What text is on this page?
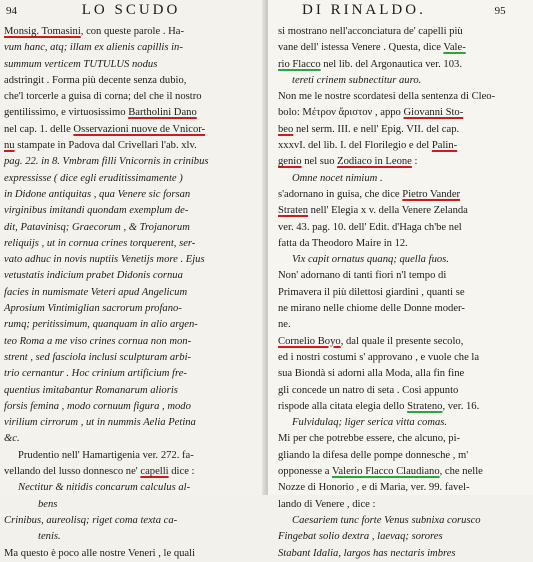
94	LO SCUDO
Monsig. Tomasini, con queste parole . Ha-
vum hanc, atq; illam ex alienis capillis in-
summum verticem TUTULUS nodus
adstringit . Forma più decente senza dubio,
che'l torcerle a guisa di corna; del che il nostro
gentilissimo, e virtuosissimo Bartholini Dano
nel cap. 1. delle Osservazioni nuove de Vnicor-
nu stampate in Padova dal Crivellari l'ab. xlv.
pag. 22. in 8. Vmbram filli Vnicornis in crinibus
expressisse ( dice egli eruditissimamente )
in Didone antiquitas , qua Venere sic forsan
virginibus imitandi quondam exemplum de-
dit, Patavinisq; Graecorum , & Trojanorum
reliquijs , ut in cornua crines torquerent, ser-
vato adhuc in novis nuptiis Venetijs more . Ejus
vetustatis indicium prabet Didonis cornua
facies in numismate Veteri apud Angelicum
Aprosium Vintimiglian sacrorum profano-
rumq; peritissimum, quanquam in alio argen-
teo Roma a me viso crines cornua non mon-
strent , sed fasciola inclusi sculpturam arbi-
trio cernantur . Hoc crinium artificium fre-
quentius imitabantur Romanarum alioris
forsis femina , modo cornuum figura , modo
virilium cirrorum , ut in nummis Aelia Petina
&c.
Prudentio nell' Hamartigenia ver. 272. fa-
vellando del lusso donnesco ne' capelli dice :
Nectitur & nitidis concarum calculus al-
bens
Crinibus, aureolisq; riget coma texta ca-
tenis.
Ma questo è poco alle nostre Veneri , le quali
DI RINALDO.	95
si mostrano nell'acconciatura de' capelli più
vane dell' istessa Venere . Questa, dice Vale-
rio Flacco nel lib. del Argonautica ver. 103.
tereti crinem subnectitur auro.
Non me le nostre scordatesi della sentenza di Cleo-
bolo: Μέτρον ἄριστον , appo Giovanni Sto-
beo nel serm. III. e nell' Epig. VII. del cap.
xxxvI. del lib. I. del Florilegio e del Palin-
genio nel suo Zodiaco in Leone :
Omne nocet nimium .
s'adornano in guisa, che dice Pietro Vander
Straten nell' Elegia x v. della Venere Zelanda
ver. 43. pag. 10. dell' Edit. d'Haga ch'be nel
fatta da Theodoro Maire in 12.
Vix capit ornatus quanq; quella fuos.
Non' adornano di tanti fiori n'l tempo di
Primavera il più dilettosi giardini , quanti se
ne mirano nelle chiome delle Donne moder-
ne.
Cornelio Boyo, dal quale il presente secolo,
ed i nostri costumi s' approvano , e vuole che la
sua Biondà si adorni alla Moda, alla fin fine
gli concede un natro di seta . Così appunto
rispode alla citata elegia dello Strateno, ver. 16.
Fulvidulaq; liger serica vitta comas.
Mi per che potrebbe essere, che alcuno, pi-
gliando la difesa delle pompe donnesche , m'
opponesse a Valerio Flacco Claudiano, che nelle
Nozze di Honorio , e di Maria, ver. 99. favel-
lando di Venere , dice :
Caesariem tunc forte Venus subnixa corusco
Fingebat solio dextra , laevaq; sorores
Stabant Idalia, largos has nectaris imbres
